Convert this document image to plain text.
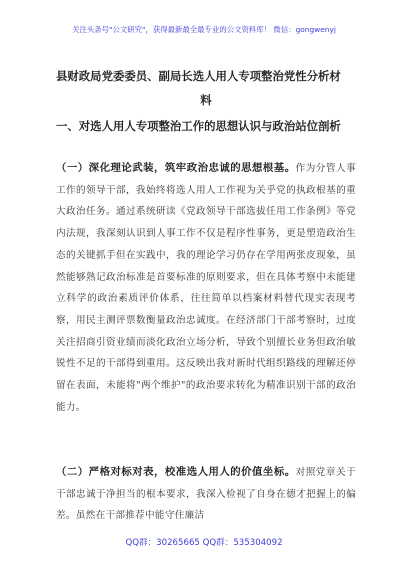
关注头条号"公文研究"，获得最新最全最专业的公文资料库！ 微信：gongwenyj
县财政局党委委员、副局长选人用人专项整治党性分析材
料
一、对选人用人专项整治工作的思想认识与政治站位剖析
（一）深化理论武装，筑牢政治忠诚的思想根基。作为分管人事工作的领导干部，我始终将选人用人工作视为关乎党的执政根基的重大政治任务。通过系统研读《党政领导干部选拔任用工作条例》等党内法规，我深刻认识到人事工作不仅是程序性事务，更是塑造政治生态的关键抓手但在实践中，我的理论学习仍存在学用两张皮现象，虽然能够熟记政治标准是首要标准的原则要求，但在具体考察中未能建立科学的政治素质评价体系，往往简单以档案材料替代现实表现考察，用民主测评票数衡量政治忠诚度。在经济部门干部考察时，过度关注招商引资业绩而淡化政治立场分析，导致个别擅长业务但政治敏锐性不足的干部得到重用。这反映出我对新时代组织路线的理解还停留在表面，未能将"两个维护"的政治要求转化为精准识别干部的政治能力。
（二）严格对标对表，校准选人用人的价值坐标。对照党章关于干部忠诚于净担当的根本要求，我深入检视了自身在德才把握上的偏差。虽然在干部推荐中能守住廉洁
QQ群：30265665 QQ群：535304092
